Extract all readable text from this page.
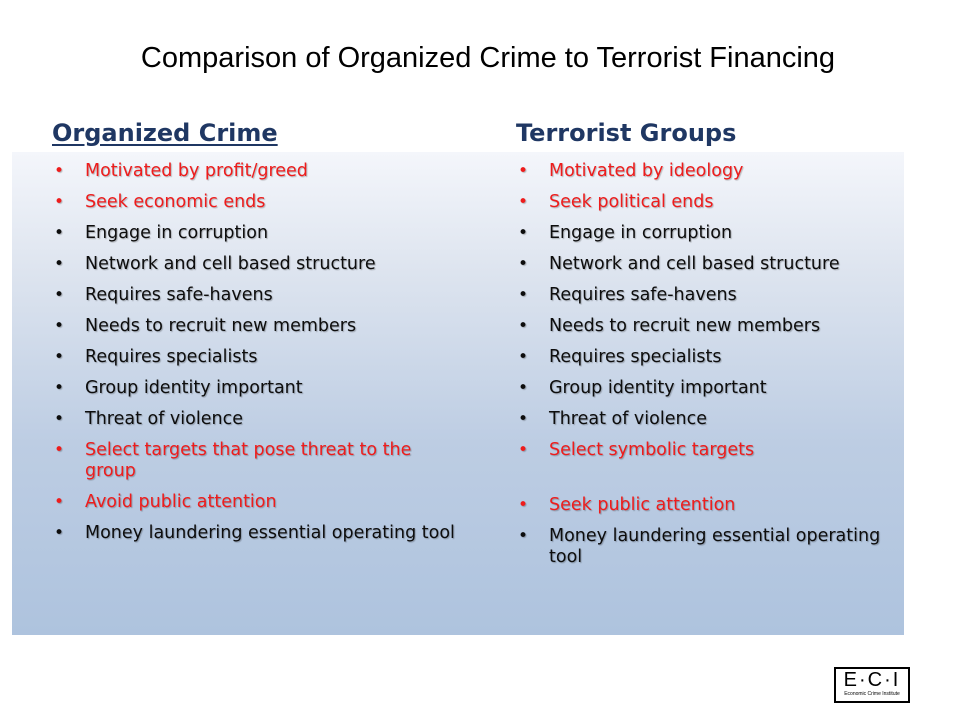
Comparison of Organized Crime to Terrorist Financing
Organized Crime	Terrorist Groups
• Motivated by profit/greed
• Seek economic ends
• Engage in corruption
• Network and cell based structure
• Requires safe-havens
• Needs to recruit new members
• Requires specialists
• Group identity important
• Threat of violence
• Select targets that pose threat to the group
• Avoid public attention
• Money laundering essential operating tool
• Motivated by ideology
• Seek political ends
• Engage in corruption
• Network and cell based structure
• Requires safe-havens
• Needs to recruit new members
• Requires specialists
• Group identity important
• Threat of violence
• Select symbolic targets
• Seek public attention
• Money laundering essential operating tool
E·C·I
Economic Crime Institute
